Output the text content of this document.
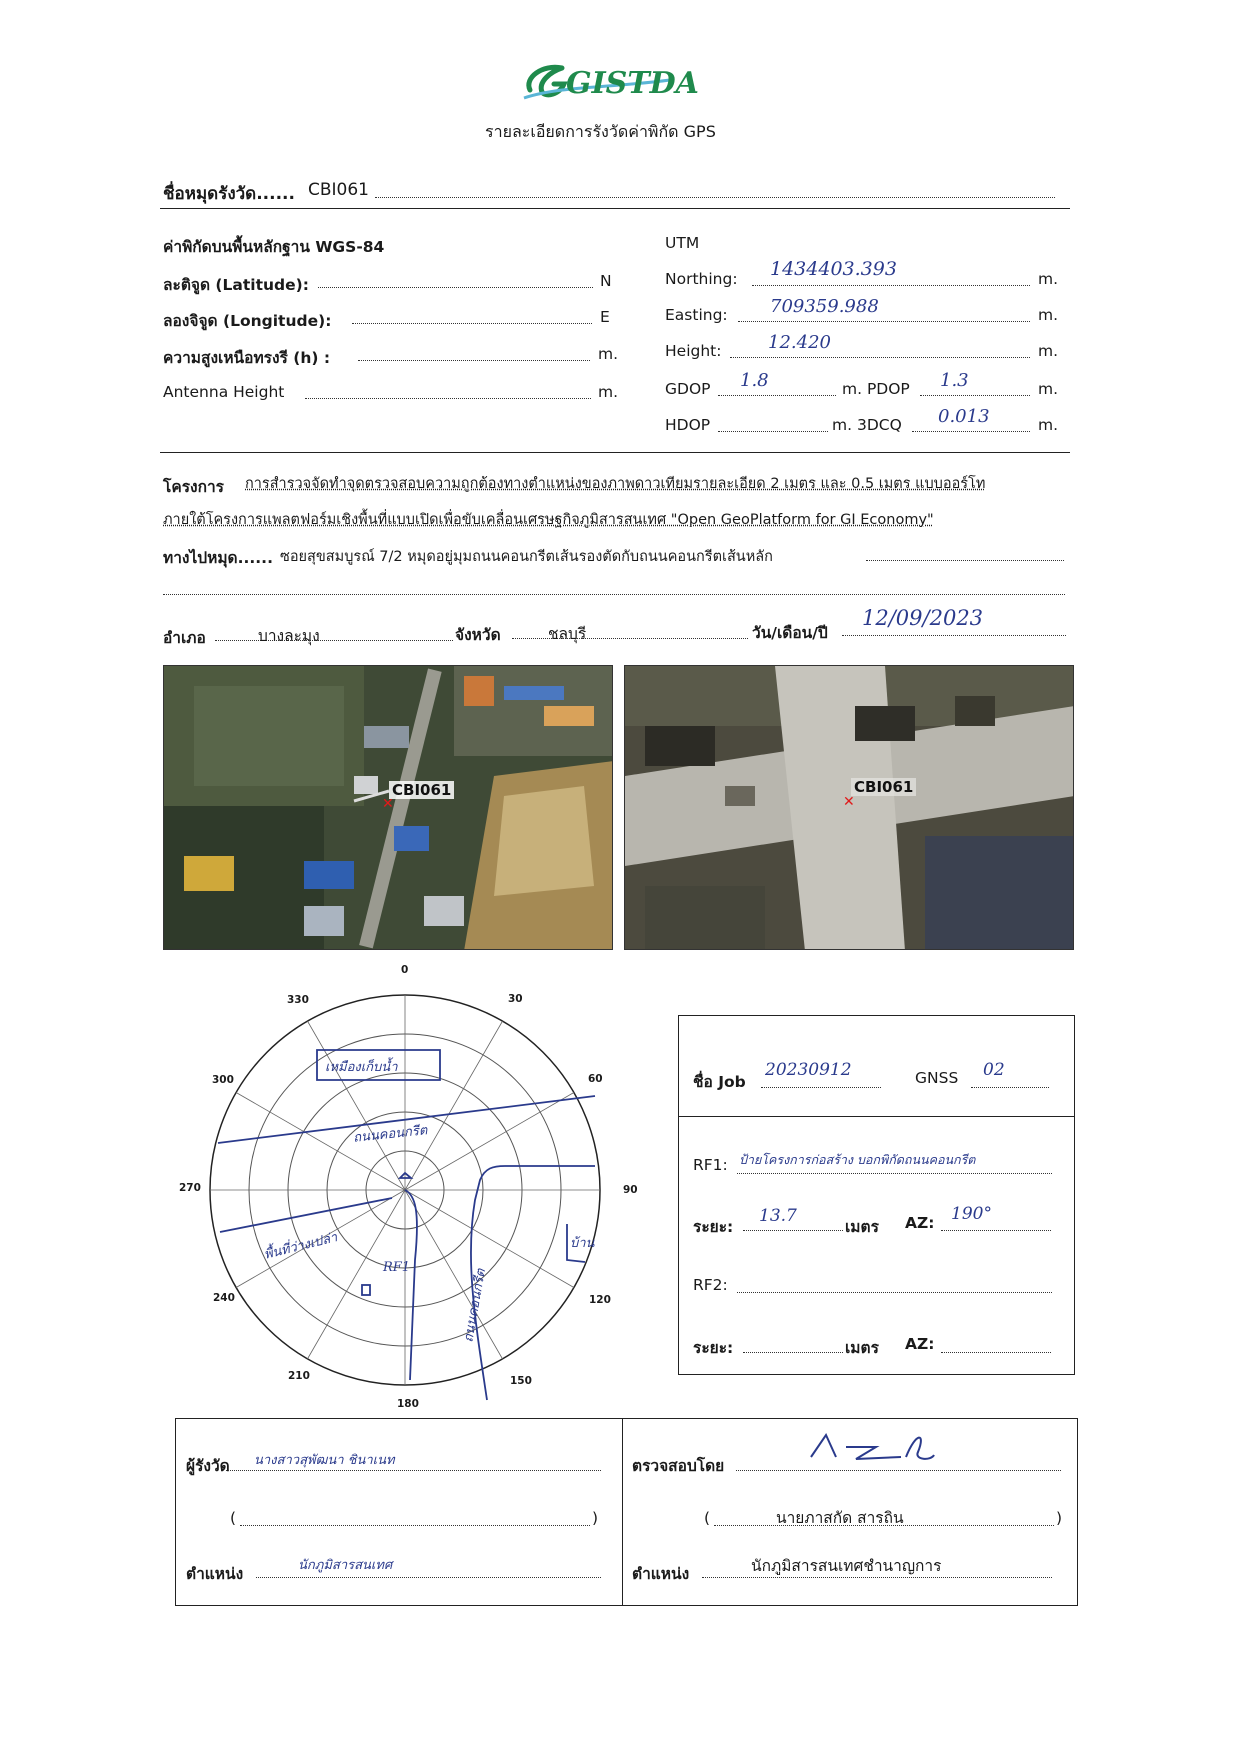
GISTDA
รายละเอียดการรังวัดค่าพิกัด GPS
ชื่อหมุดรังวัด...... CBI061
ค่าพิกัดบนพื้นหลักฐาน WGS-84
ละติจูด (Latitude):	N
ลองจิจูด (Longitude):	E
ความสูงเหนือทรงรี (h) :	m.
Antenna Height	m.
UTM
Northing: 1434403.393	m.
Easting: 709359.988	m.
Height:	12.420	m.
GDOP 1.8	m. PDOP 1.3	m.
HDOP	m. 3DCQ 0.013	m.
โครงการ การสำรวจจัดทำจุดตรวจสอบความถูกต้องทางตำแหน่งของภาพดาวเทียมรายละเอียด 2 เมตร และ 0.5 เมตร แบบออร์โท
ภายใต้โครงการแพลตฟอร์มเชิงพื้นที่แบบเปิดเพื่อขับเคลื่อนเศรษฐกิจภูมิสารสนเทศ "Open GeoPlatform for GI Economy"
ทางไปหมุด...... ซอยสุขสมบูรณ์ 7/2 หมุดอยู่มุมถนนคอนกรีตเส้นรองตัดกับถนนคอนกรีตเส้นหลัก
อำเภอ	บางละมุง	จังหวัด	ชลบุรี	วัน/เดือน/ปี
12/09/2023
CBI061
✕
CBI061
✕
0
30
60
90
120
150
180
210
240
270
300
330
เหมืองเก็บน้ำ
ถนนคอนกรีต
พื้นที่ว่างเปล่า
RF1
ถนนคอนกรีต
บ้าน
ชื่อ Job
20230912	GNSS 02
RF1: ป้ายโครงการก่อสร้าง บอกพิกัดถนนคอนกรีต
ระยะ:
13.7
เมตร AZ: 190°
RF2:
ระยะ:	เมตร AZ:
ผู้รังวัด นางสาวสุพัฒนา ชินาเนท
(	)
ตำแหน่ง	นักภูมิสารสนเทศ
ตรวจสอบโดย
(	นายภาสกัด สารถิน	)
ตำแหน่ง	นักภูมิสารสนเทศชำนาญการ
